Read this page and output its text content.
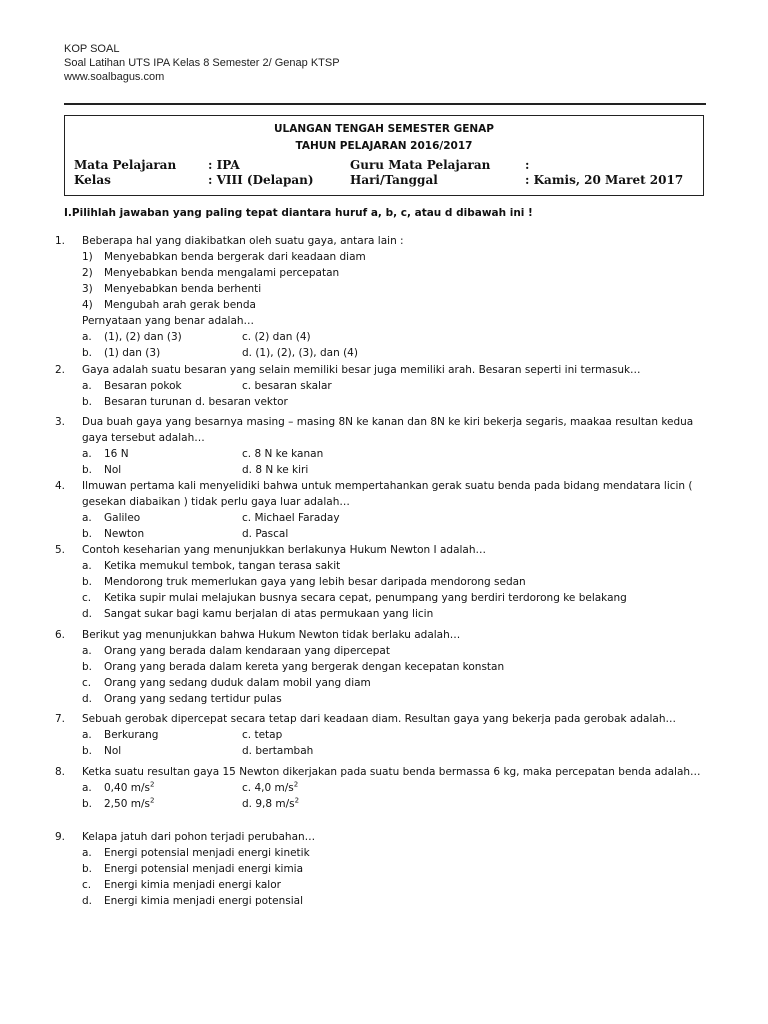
KOP SOAL
Soal Latihan UTS IPA Kelas 8 Semester 2/ Genap KTSP
www.soalbagus.com
ULANGAN TENGAH SEMESTER GENAP
TAHUN PELAJARAN 2016/2017
Mata Pelajaran	: IPA	Guru Mata Pelajaran	:
Kelas	: VIII (Delapan)	Hari/Tanggal	: Kamis, 20 Maret 2017
I.Pilihlah jawaban yang paling tepat diantara huruf a, b, c, atau d dibawah ini !
1. Beberapa hal yang diakibatkan oleh suatu gaya, antara lain :
1) Menyebabkan benda bergerak dari keadaan diam
2) Menyebabkan benda mengalami percepatan
3) Menyebabkan benda berhenti
4) Mengubah arah gerak benda
Pernyataan yang benar adalah…
a. (1), (2) dan (3)	c. (2) dan (4)
b. (1) dan (3)	d. (1), (2), (3), dan (4)
2. Gaya adalah suatu besaran yang selain memiliki besar juga memiliki arah. Besaran seperti ini termasuk…
a. Besaran pokok	c. besaran skalar
b. Besaran turunan d. besaran vektor
3. Dua buah gaya yang besarnya masing – masing 8N ke kanan dan 8N ke kiri bekerja segaris, maakaa resultan kedua gaya tersebut adalah…
a. 16 N	c. 8 N ke kanan
b. Nol	d. 8 N ke kiri
4. Ilmuwan pertama kali menyelidiki bahwa untuk mempertahankan gerak suatu benda pada bidang mendatara licin ( gesekan diabaikan ) tidak perlu gaya luar adalah…
a. Galileo	c. Michael Faraday
b. Newton	d. Pascal
5. Contoh keseharian yang menunjukkan berlakunya Hukum Newton I adalah…
a. Ketika memukul tembok, tangan terasa sakit
b. Mendorong truk memerlukan gaya yang lebih besar daripada mendorong sedan
c. Ketika supir mulai melajukan busnya secara cepat, penumpang yang berdiri terdorong ke belakang
d. Sangat sukar bagi kamu berjalan di atas permukaan yang licin
6. Berikut yag menunjukkan bahwa Hukum Newton tidak berlaku adalah…
a. Orang yang berada dalam kendaraan yang dipercepat
b. Orang yang berada dalam kereta yang bergerak dengan kecepatan konstan
c. Orang yang sedang duduk dalam mobil yang diam
d. Orang yang sedang tertidur pulas
7. Sebuah gerobak dipercepat secara tetap dari keadaan diam. Resultan gaya yang bekerja pada gerobak adalah…
a. Berkurang	c. tetap
b. Nol	d. bertambah
8. Ketka suatu resultan gaya 15 Newton dikerjakan pada suatu benda bermassa 6 kg, maka percepatan benda adalah…
a. 0,40 $m/s^2$	c. 4,0 $m/s^2$
b. 2,50 $m/s^2$	d. 9,8 $m/s^2$
9. Kelapa jatuh dari pohon terjadi perubahan…
a. Energi potensial menjadi energi kinetik
b. Energi potensial menjadi energi kimia
c. Energi kimia menjadi energi kalor
d. Energi kimia menjadi energi potensial
